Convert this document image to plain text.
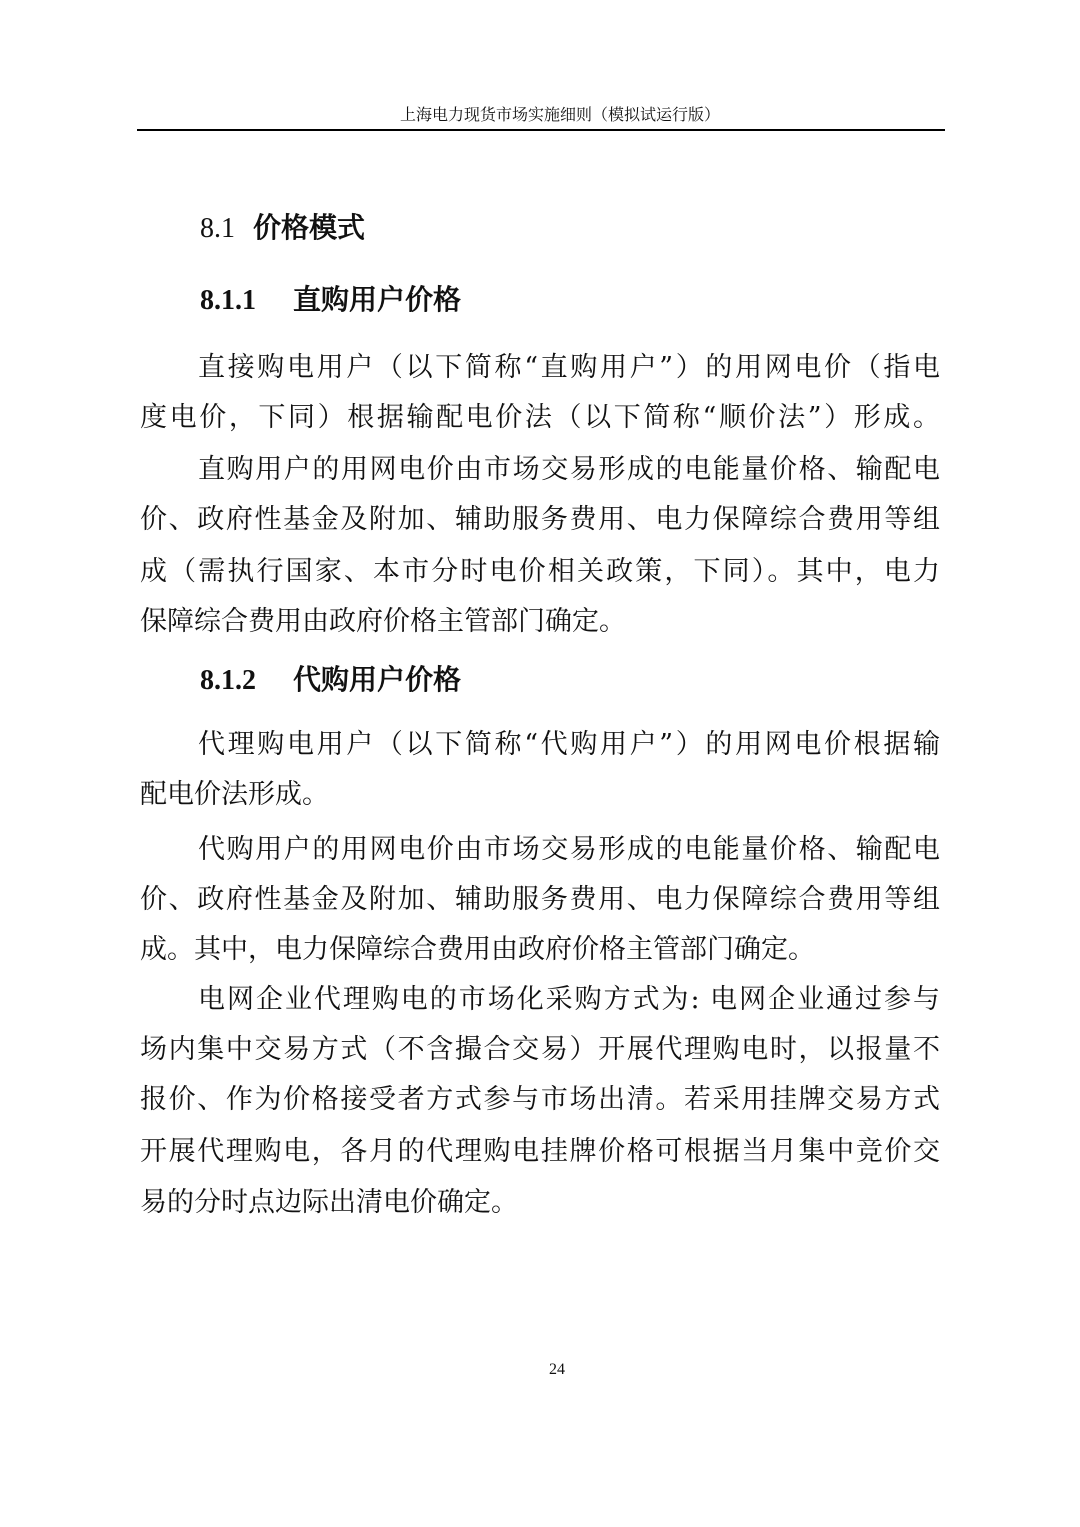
上海电力现货市场实施细则（模拟试运行版）
8.1 价格模式
8.1.1 直购用户价格
直接购电用户（以下简称“直购用户”）的用网电价（指电
度电价，下同）根据输配电价法（以下简称“顺价法”）形成。
直购用户的用网电价由市场交易形成的电能量价格、输配电
价、政府性基金及附加、辅助服务费用、电力保障综合费用等组
成（需执行国家、本市分时电价相关政策，下同）。其中，电力
保障综合费用由政府价格主管部门确定。
8.1.2 代购用户价格
代理购电用户（以下简称“代购用户”）的用网电价根据输
配电价法形成。
代购用户的用网电价由市场交易形成的电能量价格、输配电
价、政府性基金及附加、辅助服务费用、电力保障综合费用等组
成。其中，电力保障综合费用由政府价格主管部门确定。
电网企业代理购电的市场化采购方式为: 电网企业通过参与
场内集中交易方式（不含撮合交易）开展代理购电时，以报量不
报价、作为价格接受者方式参与市场出清。若采用挂牌交易方式
开展代理购电，各月的代理购电挂牌价格可根据当月集中竞价交
易的分时点边际出清电价确定。
24
